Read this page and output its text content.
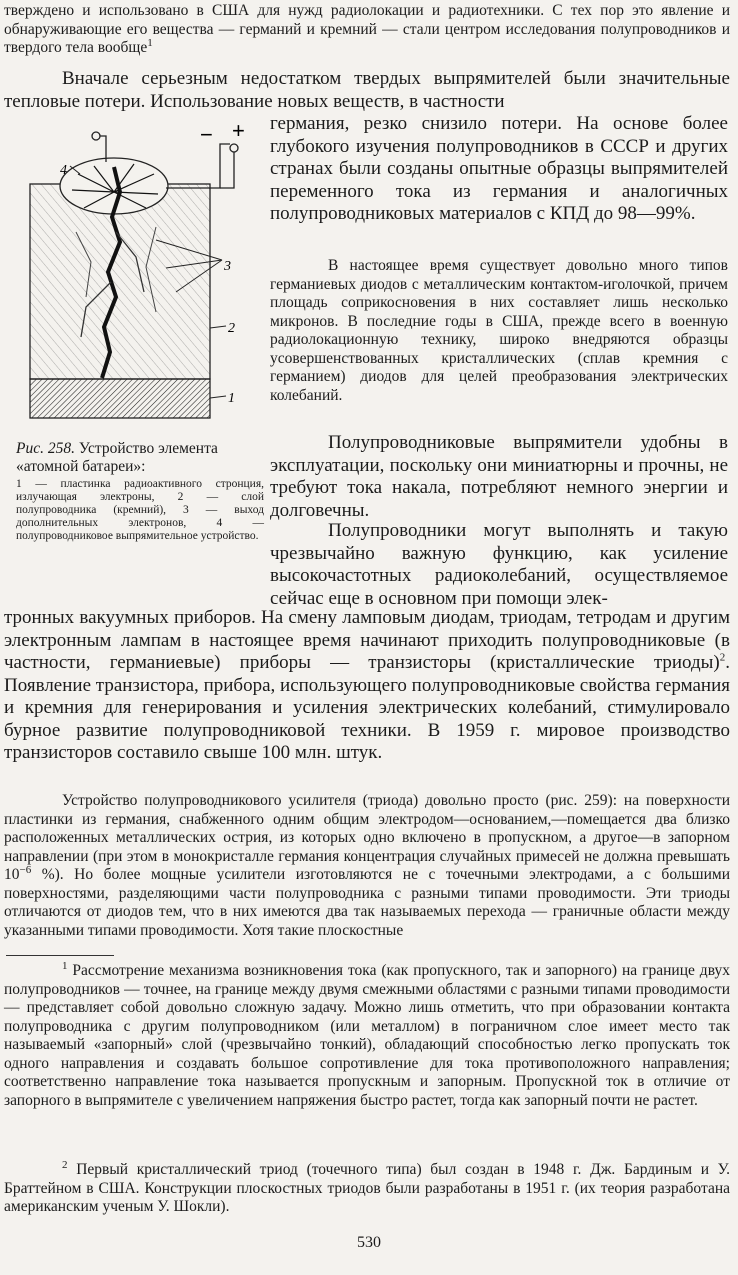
тверждено и использовано в США для нужд радиолокации и радиотехники. С тех пор это явление и обнаруживающие его вещества — германий и кремний — стали центром исследования полупроводников и твердого тела вообще$^1$

Вначале серьезным недостатком твердых выпрямителей были значительные тепловые потери. Использование новых веществ, в частности

германия, резко снизило потери. На основе более глубокого изучения полупроводников в СССР и других странах были созданы опытные образцы выпрямителей переменного тока из германия и аналогичных полупроводниковых материалов с КПД до 98—99%.

− +
4
3
2
1

Рис. 258. Устройство элемента «атомной батареи»:

1 — пластинка радиоактивного стронция, излучающая электроны, 2 — слой полупроводника (кремний), 3 — выход дополнительных электронов, 4 — полупроводниковое выпрямительное устройство.

В настоящее время существует довольно много типов германиевых диодов с металлическим контактом-иголочкой, причем площадь соприкосновения в них составляет лишь несколько микронов. В последние годы в США, прежде всего в военную радиолокационную технику, широко внедряются образцы усовершенствованных кристаллических (сплав кремния с германием) диодов для целей преобразования электрических колебаний.

Полупроводниковые выпрямители удобны в эксплуатации, поскольку они миниатюрны и прочны, не требуют тока накала, потребляют немного энергии и долговечны.

Полупроводники могут выполнять и такую чрезвычайно важную функцию, как усиление высокочастотных радиоколебаний, осуществляемое сейчас еще в основном при помощи элек-

тронных вакуумных приборов. На смену ламповым диодам, триодам, тетродам и другим электронным лампам в настоящее время начинают приходить полупроводниковые (в частности, германиевые) приборы — транзисторы (кристаллические триоды)$^2$. Появление транзистора, прибора, использующего полупроводниковые свойства германия и кремния для генерирования и усиления электрических колебаний, стимулировало бурное развитие полупроводниковой техники. В 1959 г. мировое производство транзисторов составило свыше 100 млн. штук.

Устройство полупроводникового усилителя (триода) довольно просто (рис. 259): на поверхности пластинки из германия, снабженного одним общим электродом—основанием,—помещается два близко расположенных металлических острия, из которых одно включено в пропускном, а другое—в запорном направлении (при этом в монокристалле германия концентрация случайных примесей не должна превышать $10^{-6}$ %). Но более мощные усилители изготовляются не с точечными электродами, а с большими поверхностями, разделяющими части полупроводника с разными типами проводимости. Эти триоды отличаются от диодов тем, что в них имеются два так называемых перехода — граничные области между указанными типами проводимости. Хотя такие плоскостные

$^1$ Рассмотрение механизма возникновения тока (как пропускного, так и запорного) на границе двух полупроводников — точнее, на границе между двумя смежными областями с разными типами проводимости — представляет собой довольно сложную задачу. Можно лишь отметить, что при образовании контакта полупроводника с другим полупроводником (или металлом) в пограничном слое имеет место так называемый «запорный» слой (чрезвычайно тонкий), обладающий способностью легко пропускать ток одного направления и создавать большое сопротивление для тока противоположного направления; соответственно направление тока называется пропускным и запорным. Пропускной ток в отличие от запорного в выпрямителе с увеличением напряжения быстро растет, тогда как запорный почти не растет.

$^2$ Первый кристаллический триод (точечного типа) был создан в 1948 г. Дж. Бардиным и У. Браттейном в США. Конструкции плоскостных триодов были разработаны в 1951 г. (их теория разработана американским ученым У. Шокли).

530
